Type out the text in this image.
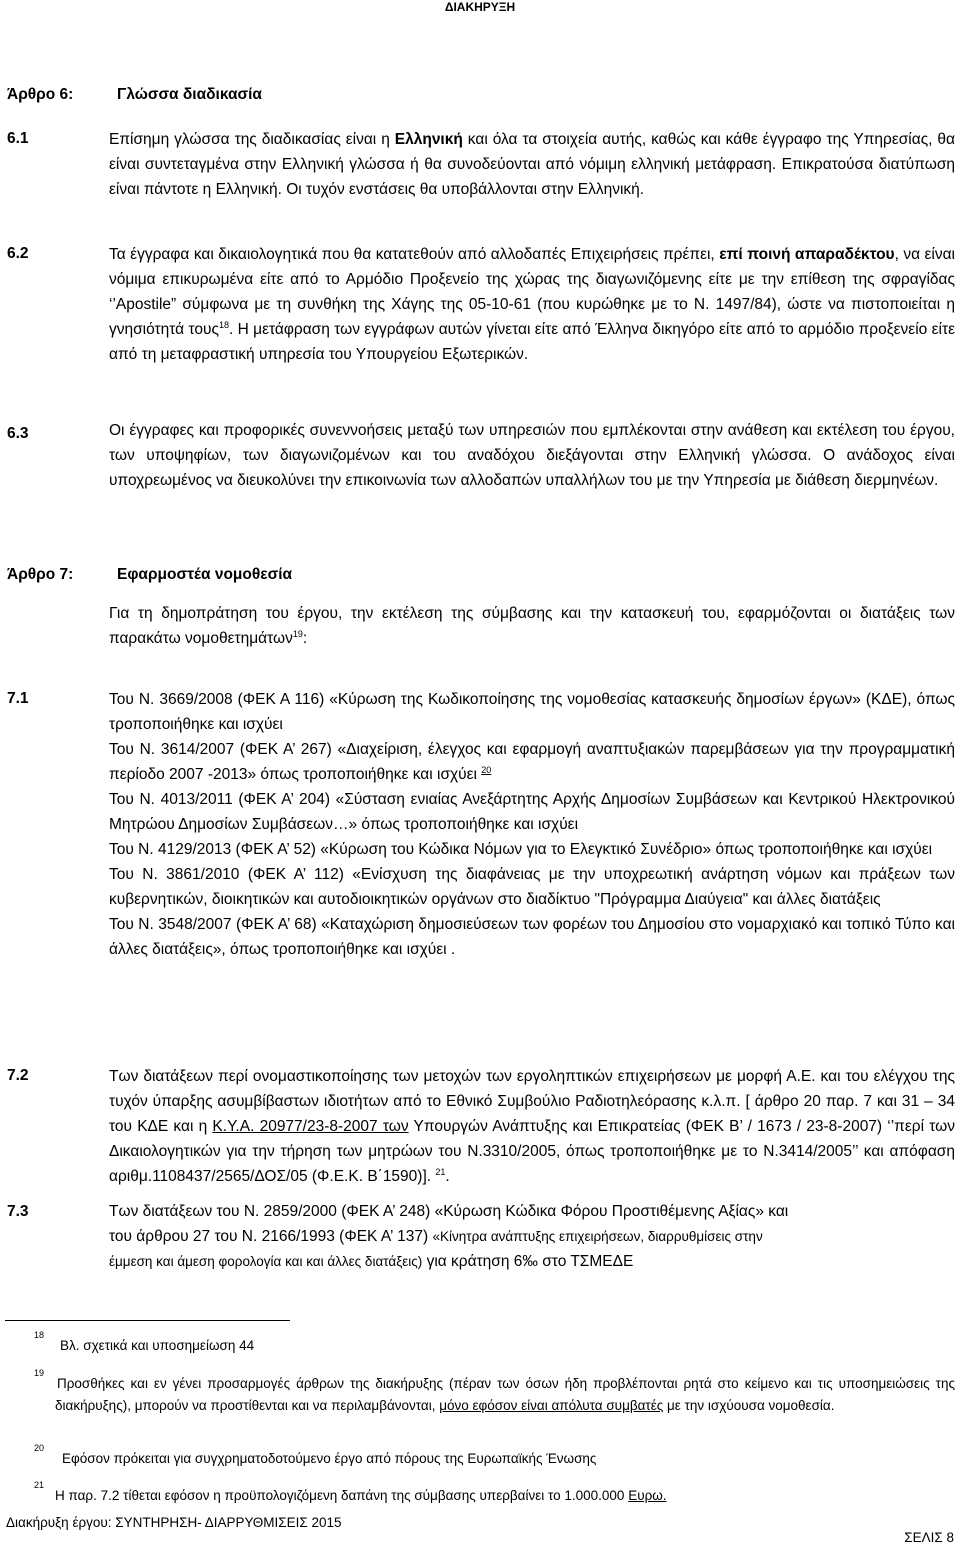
ΔΙΑΚΗΡΥΞΗ
Άρθρο 6:	Γλώσσα διαδικασία
6.1	Επίσημη γλώσσα της διαδικασίας είναι η Ελληνική και όλα τα στοιχεία αυτής, καθώς και κάθε έγγραφο της Υπηρεσίας, θα είναι συντεταγμένα στην Ελληνική γλώσσα ή θα συνοδεύονται από νόμιμη ελληνική μετάφραση. Επικρατούσα διατύπωση είναι πάντοτε η Ελληνική. Οι τυχόν ενστάσεις θα υποβάλλονται στην Ελληνική.
6.2	Τα έγγραφα και δικαιολογητικά που θα κατατεθούν από αλλοδαπές Επιχειρήσεις πρέπει, επί ποινή απαραδέκτου, να είναι νόμιμα επικυρωμένα είτε από το Αρμόδιο Προξενείο της χώρας της διαγωνιζόμενης είτε με την επίθεση της σφραγίδας ‘’Apostile” σύμφωνα με τη συνθήκη της Χάγης της 05-10-61 (που κυρώθηκε με το Ν. 1497/84), ώστε να πιστοποιείται η γνησιότητά τους$^{18}$. Η μετάφραση των εγγράφων αυτών γίνεται είτε από Έλληνα δικηγόρο είτε από το αρμόδιο προξενείο είτε από τη μεταφραστική υπηρεσία του Υπουργείου Εξωτερικών.
6.3	Οι έγγραφες και προφορικές συνεννοήσεις μεταξύ των υπηρεσιών που εμπλέκονται στην ανάθεση και εκτέλεση του έργου, των υποψηφίων, των διαγωνιζομένων και του αναδόχου διεξάγονται στην Ελληνική γλώσσα. Ο ανάδοχος είναι υποχρεωμένος να διευκολύνει την επικοινωνία των αλλοδαπών υπαλλήλων του με την Υπηρεσία με διάθεση διερμηνέων.
Άρθρο 7:	Εφαρμοστέα νομοθεσία
Για τη δημοπράτηση του έργου, την εκτέλεση της σύμβασης και την κατασκευή του, εφαρμόζονται οι διατάξεις των παρακάτω νομοθετημάτων$^{19}$:
7.1	Του Ν. 3669/2008 (ΦΕΚ Α 116) «Κύρωση της Κωδικοποίησης της νομοθεσίας κατασκευής δημοσίων έργων» (ΚΔΕ), όπως τροποποιήθηκε και ισχύει
Του Ν. 3614/2007 (ΦΕΚ Α’ 267) «Διαχείριση, έλεγχος και εφαρμογή αναπτυξιακών παρεμβάσεων για την προγραμματική περίοδο 2007 -2013» όπως τροποποιήθηκε και ισχύει $^{20}$
Του Ν. 4013/2011 (ΦΕΚ Α’ 204) «Σύσταση ενιαίας Ανεξάρτητης Αρχής Δημοσίων Συμβάσεων και Κεντρικού Ηλεκτρονικού Μητρώου Δημοσίων Συμβάσεων…» όπως τροποποιήθηκε και ισχύει
Του Ν. 4129/2013 (ΦΕΚ Α’ 52) «Κύρωση του Κώδικα Νόμων για το Ελεγκτικό Συνέδριο» όπως τροποποιήθηκε και ισχύει
Του Ν. 3861/2010 (ΦΕΚ Α’ 112) «Ενίσχυση της διαφάνειας με την υποχρεωτική ανάρτηση νόμων και πράξεων των κυβερνητικών, διοικητικών και αυτοδιοικητικών οργάνων στο διαδίκτυο "Πρόγραμμα Διαύγεια" και άλλες διατάξεις
Του Ν. 3548/2007 (ΦΕΚ Α’ 68) «Καταχώριση δημοσιεύσεων των φορέων του Δημοσίου στο νομαρχιακό και τοπικό Τύπο και άλλες διατάξεις», όπως τροποποιήθηκε και ισχύει .
7.2	Των διατάξεων περί ονομαστικοποίησης των μετοχών των εργοληπτικών επιχειρήσεων με μορφή Α.Ε. και του ελέγχου της τυχόν ύπαρξης ασυμβίβαστων ιδιοτήτων από το Εθνικό Συμβούλιο Ραδιοτηλεόρασης κ.λ.π. [ άρθρο 20 παρ. 7 και 31 – 34 του ΚΔΕ και η Κ.Υ.Α. 20977/23-8-2007 των Υπουργών Ανάπτυξης και Επικρατείας (ΦΕΚ Β’ / 1673 / 23-8-2007) ‘’περί των Δικαιολογητικών για την τήρηση των μητρώων του Ν.3310/2005, όπως τροποποιήθηκε με το Ν.3414/2005’’ και απόφαση αριθμ.1108437/2565/ΔΟΣ/05 (Φ.Ε.Κ. Β΄1590)]. $^{21}$.
7.3	Των διατάξεων του Ν. 2859/2000 (ΦΕΚ Α’ 248) «Κύρωση Κώδικα Φόρου Προστιθέμενης Αξίας» και
του άρθρου 27 του Ν. 2166/1993 (ΦΕΚ Α’ 137) «Κίνητρα ανάπτυξης επιχειρήσεων, διαρρυθμίσεις στην
έμμεση και άμεση φορολογία και και άλλες διατάξεις) για κράτηση 6‰ στο ΤΣΜΕΔΕ
18
Βλ. σχετικά και υποσημείωση 44
19
Προσθήκες και εν γένει προσαρμογές άρθρων της διακήρυξης (πέραν των όσων ήδη προβλέπονται ρητά στο κείμενο και τις υποσημειώσεις της διακήρυξης), μπορούν να προστίθενται και να περιλαμβάνονται, μόνο εφόσον είναι απόλυτα συμβατές με την ισχύουσα νομοθεσία.
20
Εφόσον πρόκειται για συγχρηματοδοτούμενο έργο από πόρους της Ευρωπαϊκής Ένωσης
21
Η παρ. 7.2 τίθεται εφόσον η προϋπολογιζόμενη δαπάνη της σύμβασης υπερβαίνει το 1.000.000 Ευρω.
Διακήρυξη έργου: ΣΥΝΤΗΡΗΣΗ- ΔΙΑΡΡΥΘΜΙΣΕΙΣ 2015
ΣΕΛΙΣ 8
